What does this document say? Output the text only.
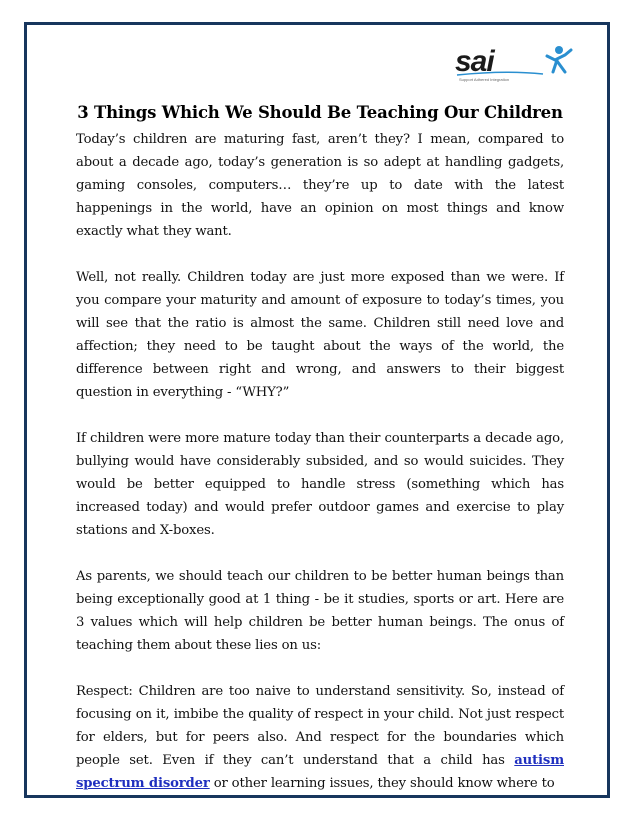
sai
Support Adhered Integration
3 Things Which We Should Be Teaching Our Children

Today’s children are maturing fast, aren’t they? I mean, compared to about a decade ago, today’s generation is so adept at handling gadgets, gaming consoles, computers… they’re up to date with the latest happenings in the world, have an opinion on most things and know exactly what they want.

Well, not really. Children today are just more exposed than we were. If you compare your maturity and amount of exposure to today’s times, you will see that the ratio is almost the same. Children still need love and affection; they need to be taught about the ways of the world, the difference between right and wrong, and answers to their biggest question in everything - “WHY?”

If children were more mature today than their counterparts a decade ago, bullying would have considerably subsided, and so would suicides. They would be better equipped to handle stress (something which has increased today) and would prefer outdoor games and exercise to play stations and X-boxes.

As parents, we should teach our children to be better human beings than being exceptionally good at 1 thing - be it studies, sports or art. Here are 3 values which will help children be better human beings. The onus of teaching them about these lies on us:

Respect: Children are too naive to understand sensitivity. So, instead of focusing on it, imbibe the quality of respect in your child. Not just respect for elders, but for peers also. And respect for the boundaries which people set. Even if they can’t understand that a child has autism spectrum disorder or other learning issues, they should know where to
